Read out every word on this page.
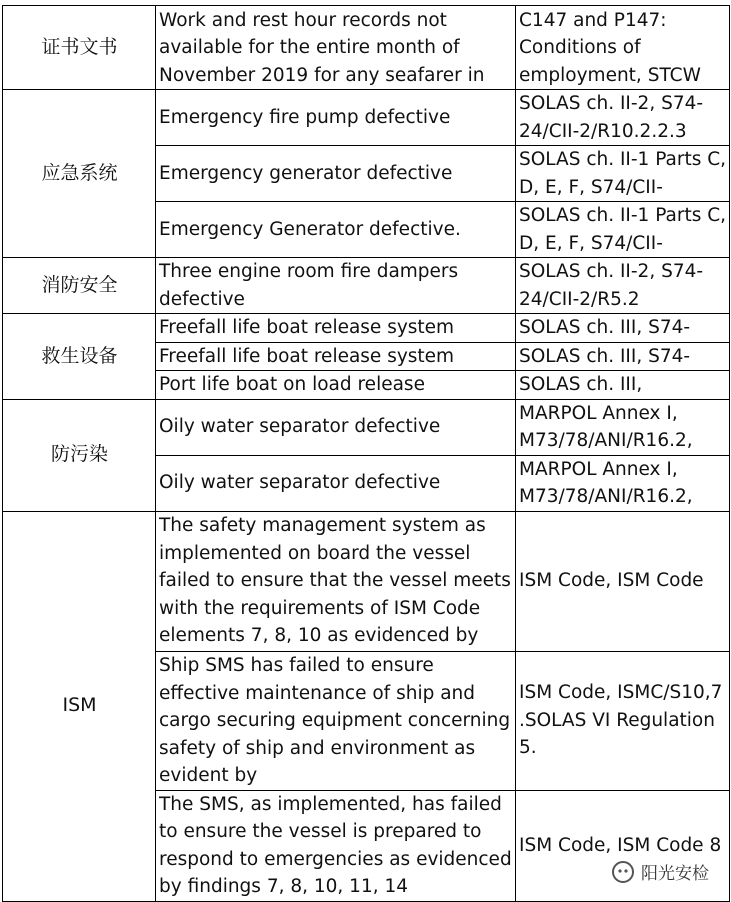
证书文书	Work and rest hour records not available for the entire month of November 2019 for any seafarer in	C147 and P147: Conditions of employment, STCW

应急系统	Emergency fire pump defective	SOLAS ch. II-2, S74-24/CII-2/R10.2.2.3
	Emergency generator defective	SOLAS ch. II-1 Parts C, D, E, F, S74/CII-

	Emergency Generator defective.	SOLAS ch. II-1 Parts C, D, E, F, S74/CII-

消防安全	Three engine room fire dampers defective	SOLAS ch. II-2, S74-24/CII-2/R5.2
救生设备	Freefall life boat release system	SOLAS ch. III, S74-
	Freefall life boat release system	SOLAS ch. III, S74-
	Port life boat on load release	SOLAS ch. III,
防污染	Oily water separator defective	MARPOL Annex I, M73/78/ANI/R16.2,
	Oily water separator defective	MARPOL Annex I, M73/78/ANI/R16.2,
ISM	The safety management system as implemented on board the vessel failed to ensure that the vessel meets with the requirements of ISM Code elements 7, 8, 10 as evidenced by	ISM Code, ISM Code

	Ship SMS has failed to ensure effective maintenance of ship and cargo securing equipment concerning safety of ship and environment as evident by	ISM Code, ISMC/S10,7 .SOLAS VI Regulation 5.

	The SMS, as implemented, has failed to ensure the vessel is prepared to respond to emergencies as evidenced by findings 7, 8, 10, 11, 14	ISM Code, ISM Code 8
阳光安检
